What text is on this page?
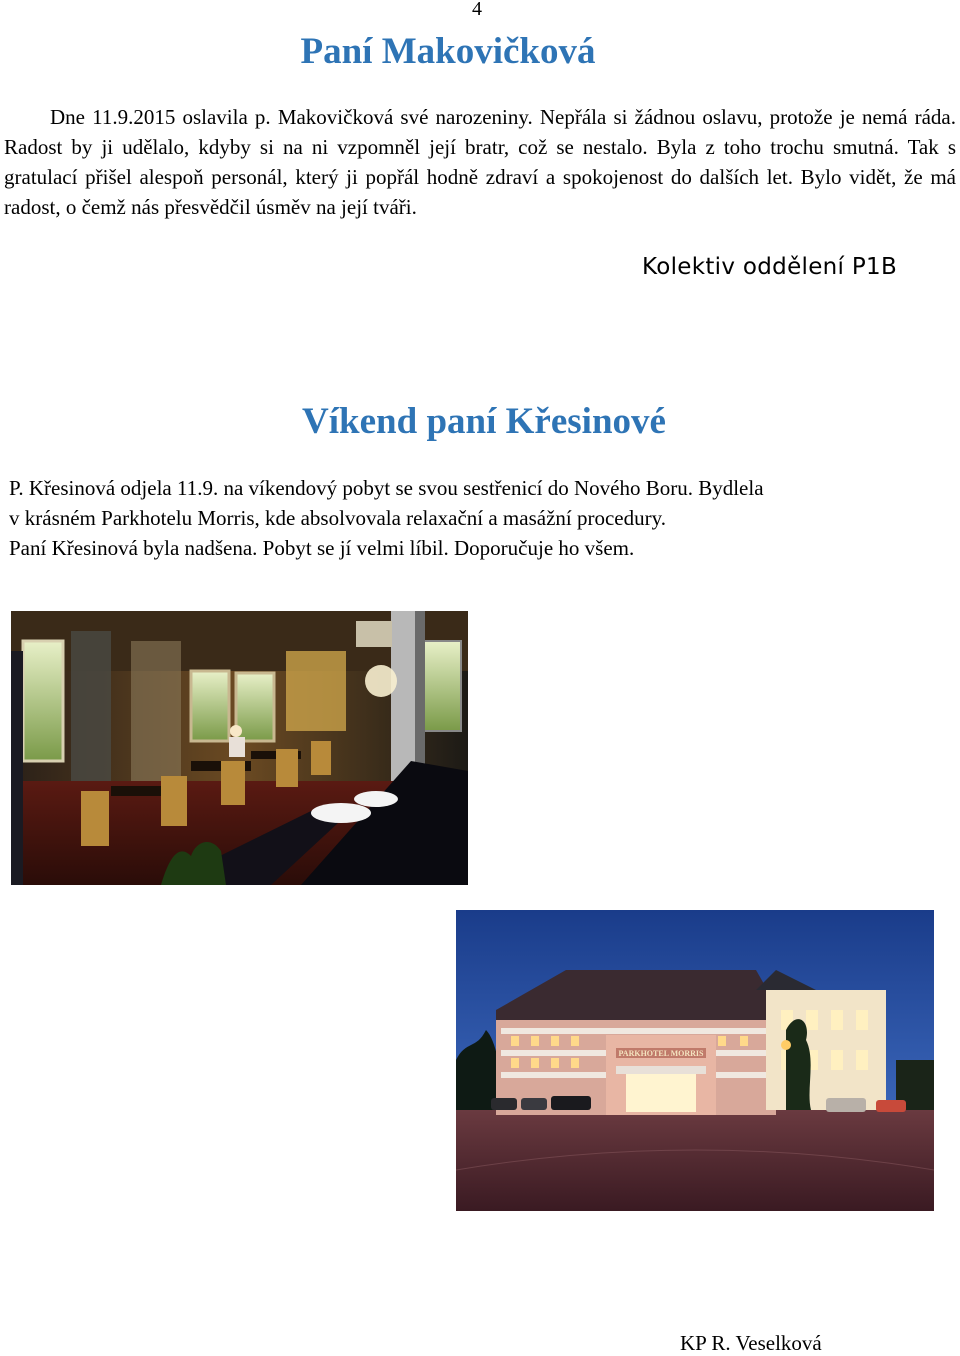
4
Paní Makovičková

Dne 11.9.2015 oslavila p. Makovičková své narozeniny. Nepřála si žádnou oslavu, protože je nemá ráda. Radost by ji udělalo, kdyby si na ni vzpomněl její bratr, což se nestalo. Byla z toho trochu smutná. Tak s gratulací přišel alespoň personál, který ji popřál hodně zdraví a spokojenost do dalších let. Bylo vidět, že má radost, o čemž nás přesvědčil úsměv na její tváři.

Kolektiv oddělení P1B
Víkend paní Křesinové
P. Křesinová odjela 11.9. na víkendový pobyt se svou sestřenicí do Nového Boru. Bydlela
v krásném Parkhotelu Morris, kde absolvovala relaxační a masážní procedury.
Paní Křesinová byla nadšena. Pobyt se jí velmi líbil. Doporučuje ho všem.
PARKHOTEL MORRIS
KP R. Veselková
